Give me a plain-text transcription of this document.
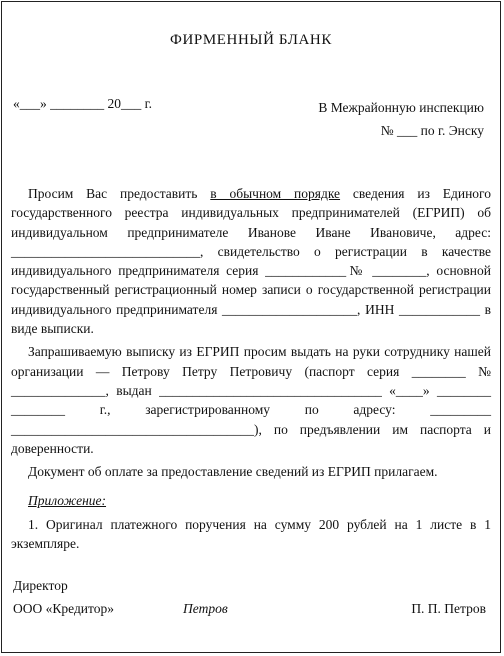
ФИРМЕННЫЙ БЛАНК
«___» ________ 20___ г.	В Межрайонную инспекцию
№ ___ по г. Энску

Просим Вас предоставить в обычном порядке сведения из Единого государственного реестра индивидуальных предпринимателей (ЕГРИП) об индивидуальном предпринимателе Иванове Иване Ивановиче, адрес: ____________________________, свидетельство о регистрации в качестве индивидуального предпринимателя серия ____________№ ________, основной государственный регистрационный номер записи о государственной регистрации индивидуального предпринимателя ____________________, ИНН ____________ в виде выписки.

Запрашиваемую выписку из ЕГРИП просим выдать на руки сотруднику нашей организации — Петрову Петру Петровичу (паспорт серия ________ № ______________, выдан _________________________________ «____» ________ ________ г., зарегистрированному по адресу: _________ ____________________________________), по предъявлении им паспорта и доверенности.

Документ об оплате за предоставление сведений из ЕГРИП прилагаем.

Приложение:

1. Оригинал платежного поручения на сумму 200 рублей на 1 листе в 1 экземпляре.

Директор
ООО «Кредитор»	Петров	П. П. Петров
